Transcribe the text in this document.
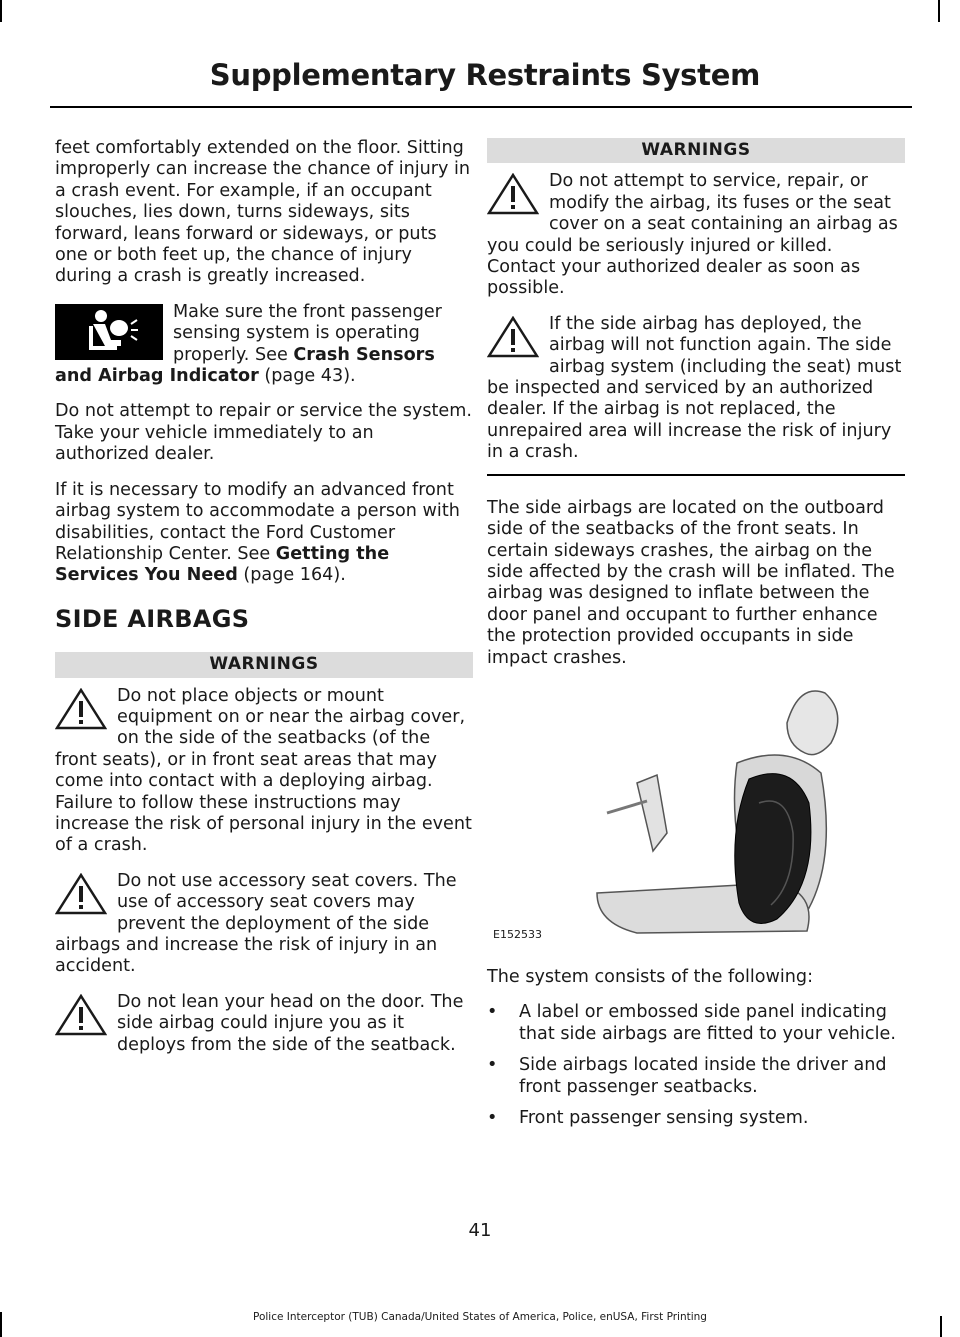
Supplementary Restraints System

feet comfortably extended on the floor. Sitting improperly can increase the chance of injury in a crash event. For example, if an occupant slouches, lies down, turns sideways, sits forward, leans forward or sideways, or puts one or both feet up, the chance of injury during a crash is greatly increased.

Make sure the front passenger sensing system is operating properly. See Crash Sensors and Airbag Indicator (page 43).

Do not attempt to repair or service the system. Take your vehicle immediately to an authorized dealer.

If it is necessary to modify an advanced front airbag system to accommodate a person with disabilities, contact the Ford Customer Relationship Center. See Getting the Services You Need (page 164).

SIDE AIRBAGS
WARNINGS
Do not place objects or mount equipment on or near the airbag cover, on the side of the seatbacks (of the front seats), or in front seat areas that may come into contact with a deploying airbag. Failure to follow these instructions may increase the risk of personal injury in the event of a crash.
Do not use accessory seat covers. The use of accessory seat covers may prevent the deployment of the side airbags and increase the risk of injury in an accident.
Do not lean your head on the door. The side airbag could injure you as it deploys from the side of the seatback.
WARNINGS
Do not attempt to service, repair, or modify the airbag, its fuses or the seat cover on a seat containing an airbag as you could be seriously injured or killed. Contact your authorized dealer as soon as possible.
If the side airbag has deployed, the airbag will not function again. The side airbag system (including the seat) must be inspected and serviced by an authorized dealer. If the airbag is not replaced, the unrepaired area will increase the risk of injury in a crash.

The side airbags are located on the outboard side of the seatbacks of the front seats. In certain sideways crashes, the airbag on the side affected by the crash will be inflated. The airbag was designed to inflate between the door panel and occupant to further enhance the protection provided occupants in side impact crashes.

E152533

The system consists of the following:

• A label or embossed side panel indicating that side airbags are fitted to your vehicle.
• Side airbags located inside the driver and front passenger seatbacks.
• Front passenger sensing system.
41
Police Interceptor (TUB) Canada/United States of America, Police, enUSA, First Printing
